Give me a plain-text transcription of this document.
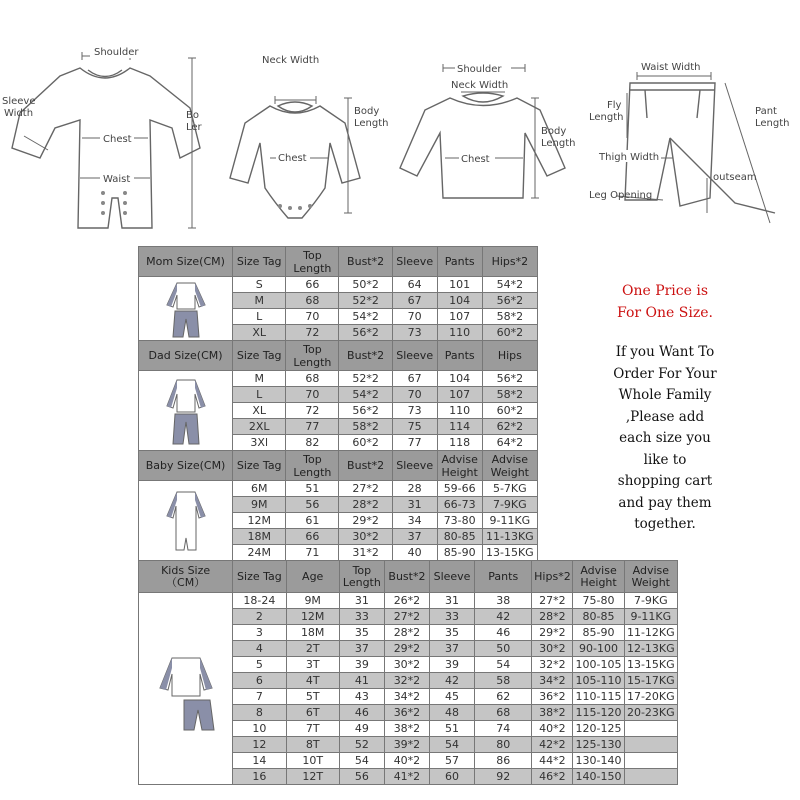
Shoulder
Sleeve Width
Chest
Waist
Bo Ler
Neck Width
Chest
Body Length
Shoulder
Neck Width
Chest
Body Length
Waist Width
Fly Length
Pant Length
Thigh Width
outseam
Leg Opening
Mom Size(CM)	Size Tag	Top Length	Bust*2	Sleeve	Pants	Hips*2

	S	66	50*2	64	101	54*2
	M	68	52*2	67	104	56*2
	L	70	54*2	70	107	58*2
	XL	72	56*2	73	110	60*2
Dad Size(CM)	Size Tag	Top Length	Bust*2	Sleeve	Pants	Hips

	M	68	52*2	67	104	56*2
	L	70	54*2	70	107	58*2
	XL	72	56*2	73	110	60*2
	2XL	77	58*2	75	114	62*2
	3Xl	82	60*2	77	118	64*2
Baby Size(CM)	Size Tag	Top Length	Bust*2	Sleeve	Advise Height	Advise Weight

	6M	51	27*2	28	59-66	5-7KG
	9M	56	28*2	31	66-73	7-9KG
	12M	61	29*2	34	73-80	9-11KG
	18M	66	30*2	37	80-85	11-13KG
	24M	71	31*2	40	85-90	13-15KG
Kids Size
（CM）	Size Tag	Age	Top Length	Bust*2	Sleeve	Pants	Hips*2	Advise Height	Advise Weight

	18-24	9M	31	26*2	31	38	27*2	75-80	7-9KG
	2	12M	33	27*2	33	42	28*2	80-85	9-11KG
	3	18M	35	28*2	35	46	29*2	85-90	11-12KG
	4	2T	37	29*2	37	50	30*2	90-100	12-13KG
	5	3T	39	30*2	39	54	32*2	100-105	13-15KG
	6	4T	41	32*2	42	58	34*2	105-110	15-17KG
	7	5T	43	34*2	45	62	36*2	110-115	17-20KG
	8	6T	46	36*2	48	68	38*2	115-120	20-23KG
	10	7T	49	38*2	51	74	40*2	120-125	
	12	8T	52	39*2	54	80	42*2	125-130	
	14	10T	54	40*2	57	86	44*2	130-140	
	16	12T	56	41*2	60	92	46*2	140-150	
One Price is
For One Size.
If you Want To
Order For Your
Whole Family
,Please add
each size you
like to
shopping cart
and pay them
together.
